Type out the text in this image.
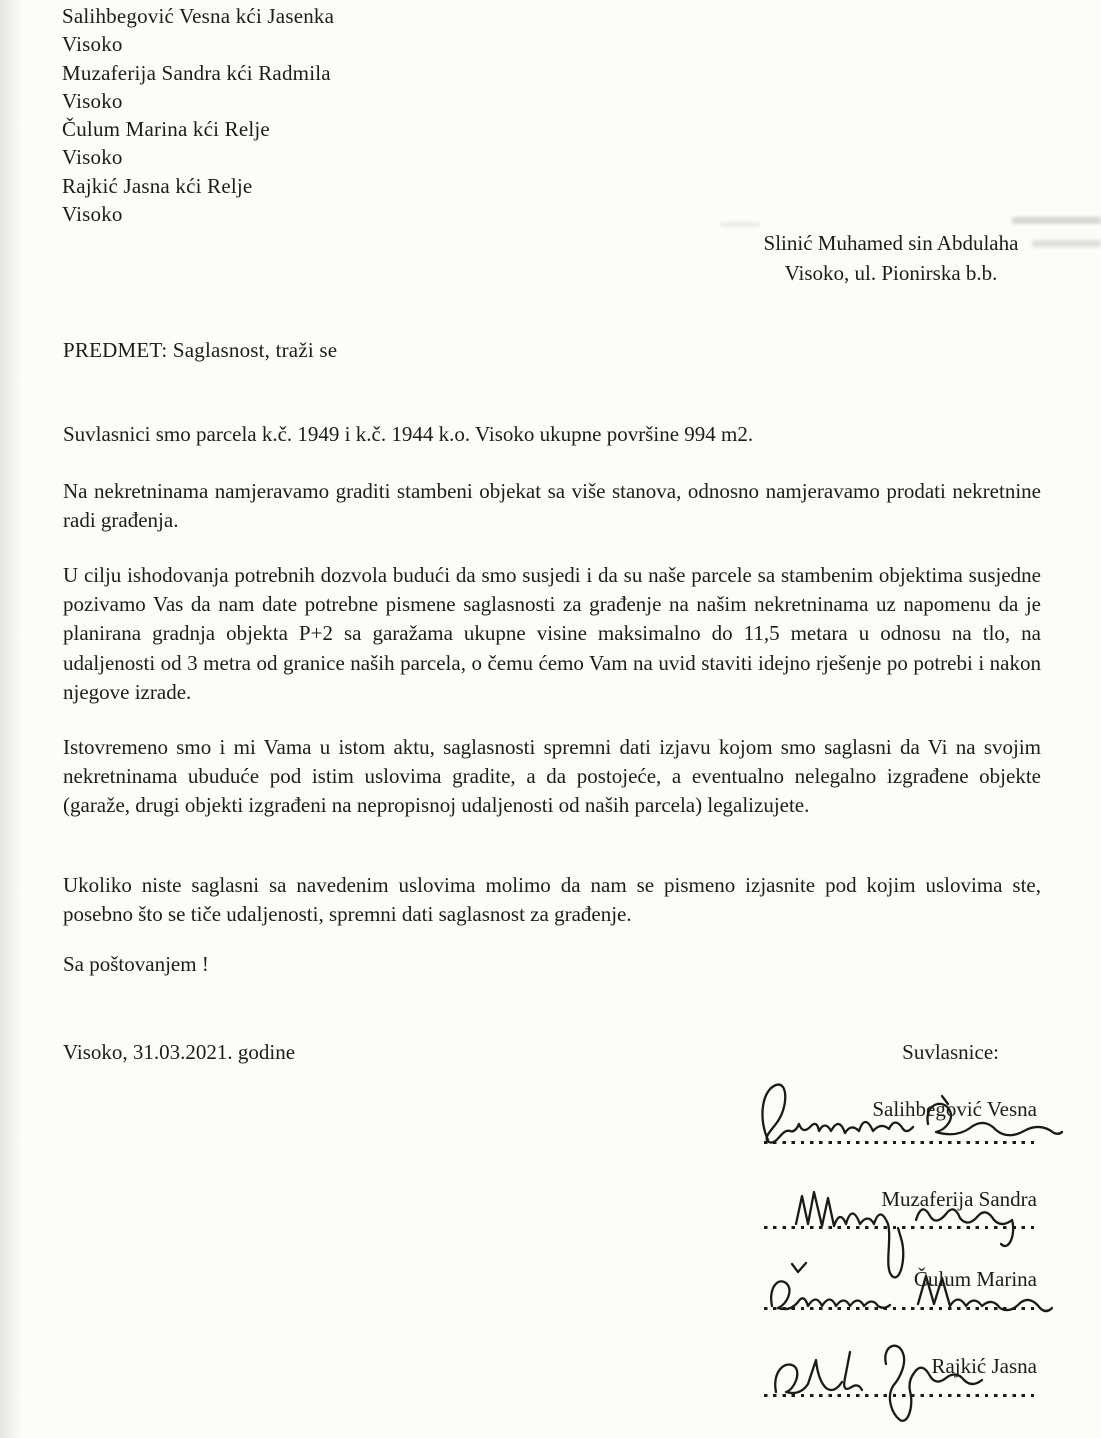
Salihbegović Vesna kći Jasenka
Visoko
Muzaferija Sandra kći Radmila
Visoko
Čulum Marina kći Relje
Visoko
Rajkić Jasna kći Relje
Visoko
Slinić Muhamed sin Abdulaha
Visoko, ul. Pionirska b.b.
PREDMET: Saglasnost, traži se
Suvlasnici smo parcela k.č. 1949 i k.č. 1944 k.o. Visoko ukupne površine 994 m2.
Na nekretninama namjeravamo graditi stambeni objekat sa više stanova, odnosno namjeravamo prodati nekretnine radi građenja.
U cilju ishodovanja potrebnih dozvola budući da smo susjedi i da su naše parcele sa stambenim objektima susjedne pozivamo Vas da nam date potrebne pismene saglasnosti za građenje na našim nekretninama uz napomenu da je planirana gradnja objekta P+2 sa garažama ukupne visine maksimalno do 11,5 metara u odnosu na tlo, na udaljenosti od 3 metra od granice naših parcela, o čemu ćemo Vam na uvid staviti idejno rješenje po potrebi i nakon njegove izrade.
Istovremeno smo i mi Vama u istom aktu, saglasnosti spremni dati izjavu kojom smo saglasni da Vi na svojim nekretninama ubuduće pod istim uslovima gradite, a da postojeće, a eventualno nelegalno izgrađene objekte (garaže, drugi objekti izgrađeni na nepropisnoj udaljenosti od naših parcela) legalizujete.
Ukoliko niste saglasni sa navedenim uslovima molimo da nam se pismeno izjasnite pod kojim uslovima ste, posebno što se tiče udaljenosti, spremni dati saglasnost za građenje.
Sa poštovanjem !
Visoko, 31.03.2021. godine	Suvlasnice:
Salihbegović Vesna
Muzaferija Sandra
Čulum Marina
Rajkić Jasna
